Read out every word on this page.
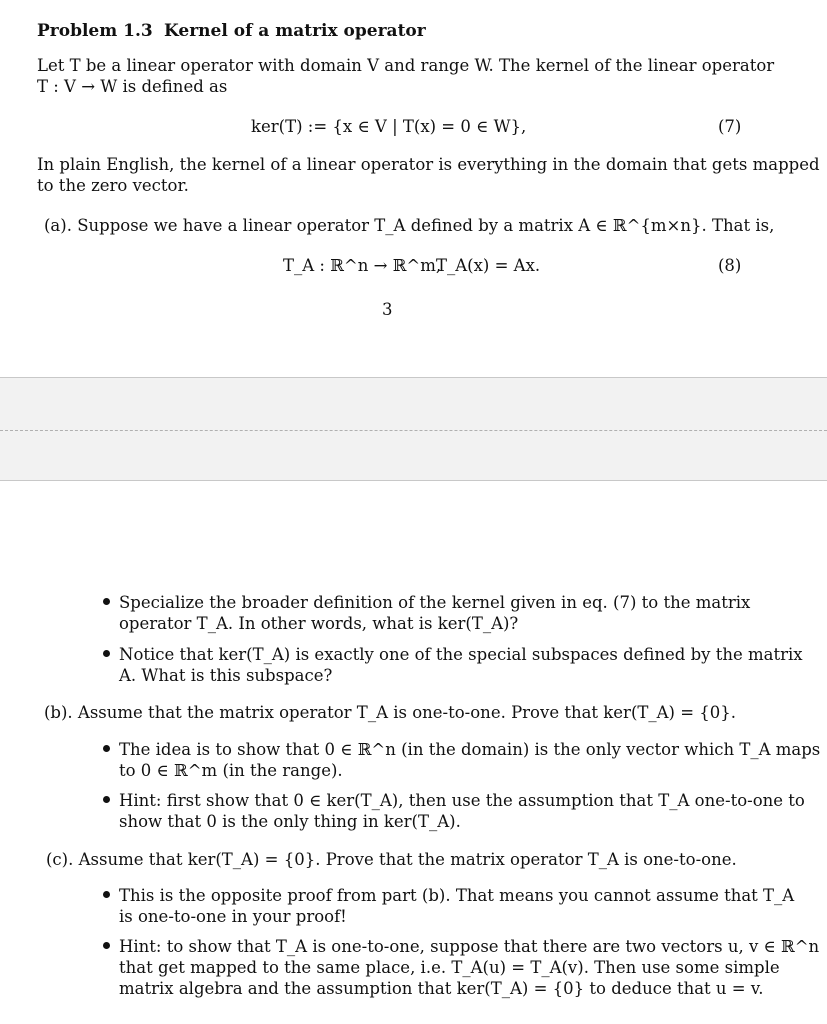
Problem 1.3 Kernel of a matrix operator
Let T be a linear operator with domain V and range W. The kernel of the linear operator
T : V → W is defined as
ker(T) := {x ∈ V | T(x) = 0 ∈ W},	(7)
In plain English, the kernel of a linear operator is everything in the domain that gets mapped
to the zero vector.
(a). Suppose we have a linear operator T_A defined by a matrix A ∈ ℝ^{m×n}. That is,
T_A : ℝ^n → ℝ^m,
T_A(x) = Ax.	(8)
3
Specialize the broader definition of the kernel given in eq. (7) to the matrix
operator T_A. In other words, what is ker(T_A)?
Notice that ker(T_A) is exactly one of the special subspaces defined by the matrix
A. What is this subspace?
(b). Assume that the matrix operator T_A is one-to-one. Prove that ker(T_A) = {0}.
The idea is to show that 0 ∈ ℝ^n (in the domain) is the only vector which T_A maps
to 0 ∈ ℝ^m (in the range).
Hint: first show that 0 ∈ ker(T_A), then use the assumption that T_A one-to-one to
show that 0 is the only thing in ker(T_A).
(c). Assume that ker(T_A) = {0}. Prove that the matrix operator T_A is one-to-one.
This is the opposite proof from part (b). That means you cannot assume that T_A
is one-to-one in your proof!
Hint: to show that T_A is one-to-one, suppose that there are two vectors u, v ∈ ℝ^n
that get mapped to the same place, i.e. T_A(u) = T_A(v). Then use some simple
matrix algebra and the assumption that ker(T_A) = {0} to deduce that u = v.
